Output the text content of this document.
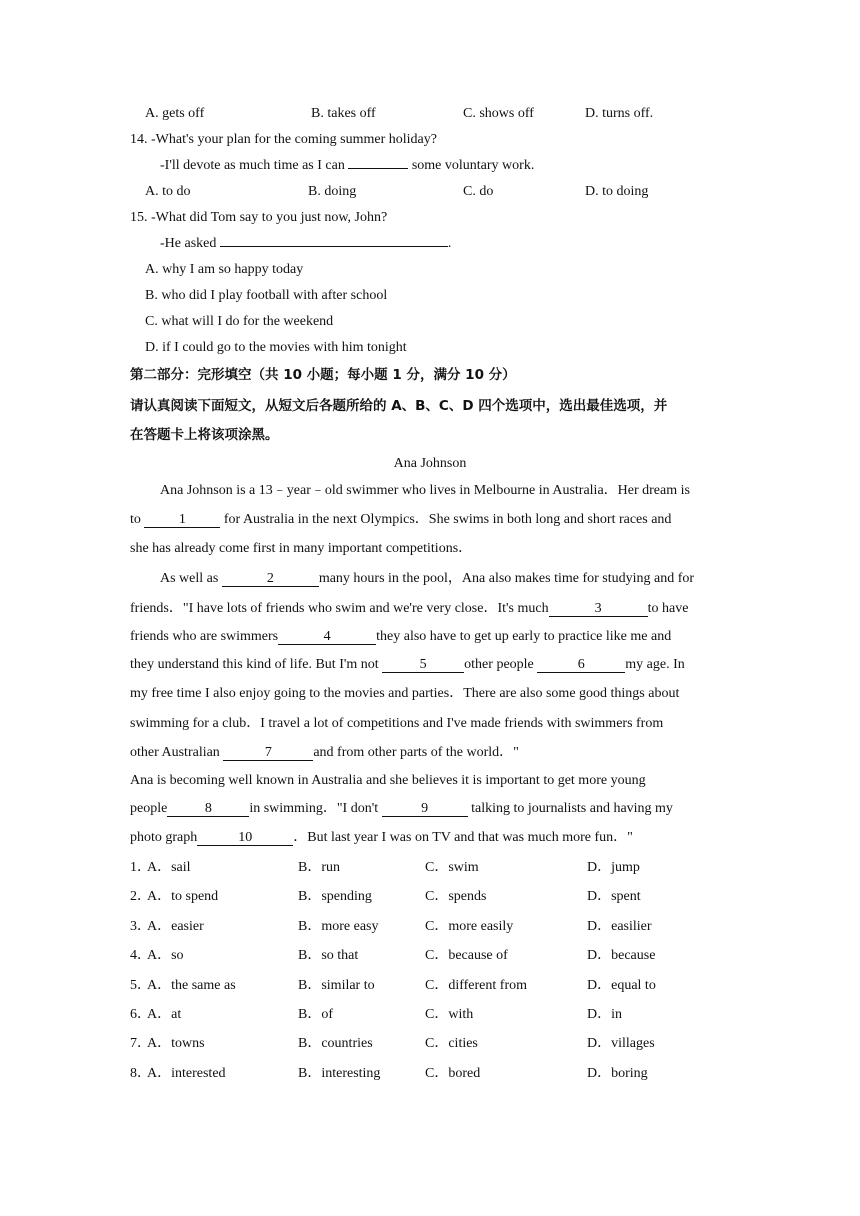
A. gets off	B. takes off	C. shows off	D. turns off.
14. -What's your plan for the coming summer holiday?
-I'll devote as much time as I can	some voluntary work.
A. to do	B. doing	C. do	D. to doing
15. -What did Tom say to you just now, John?
-He asked	.
A. why I am so happy today
B. who did I play football with after school
C. what will I do for the weekend
D. if I could go to the movies with him tonight
第二部分：完形填空（共 10 小题；每小题 1 分，满分 10 分）
请认真阅读下面短文，从短文后各题所给的 A、B、C、D 四个选项中，选出最佳选项，并
在答题卡上将该项涂黑。
Ana Johnson
Ana Johnson is a 13﹣year﹣old swimmer who lives in Melbourne in Australia．Her dream is
to	1	for Australia in the next Olympics．She swims in both long and short races and
she has already come first in many important competitions．
As well as	2	many hours in the pool，Ana also makes time for studying and for
friends．"I have lots of friends who swim and we're very close．It's much	3	to have
friends who are swimmers	4	they also have to get up early to practice like me and
they understand this kind of life. But I'm not	5	other people	6	my age. In
my free time I also enjoy going to the movies and parties．There are also some good things about
swimming for a club．I travel a lot of competitions and I've made friends with swimmers from
other Australian	7	and from other parts of the world．"
Ana is becoming well known in Australia and she believes it is important to get more young
people	8	in swimming．"I don't	9	talking to journalists and having my
photo graph	10	．But last year I was on TV and that was much more fun．"
1．
A．sail	B．run	C．swim	D．jump
2．
A．to spend	B．spending	C．spends	D．spent
3．
A．easier	B．more easy	C．more easily	D．easilier
4．
A．so	B．so that	C．because of	D．because
5．
A．the same as	B．similar to	C．different from	D．equal to
6．
A．at	B．of	C．with	D．in
7．
A．towns	B．countries	C．cities	D．villages
8．
A．interested	B．interesting	C．bored	D．boring
